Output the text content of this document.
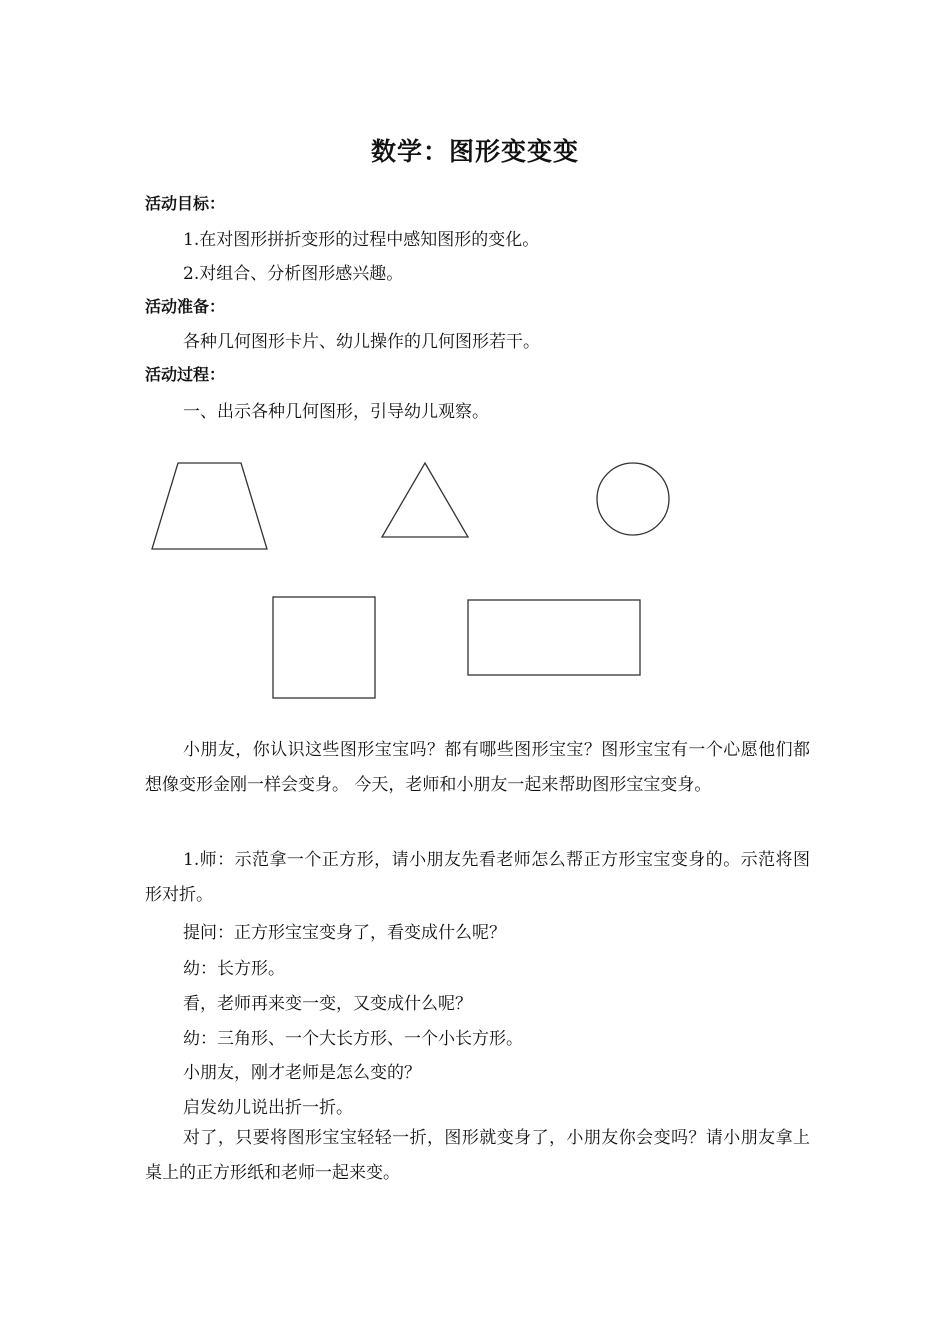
数学：图形变变变
活动目标：
1.在对图形拼折变形的过程中感知图形的变化。
2.对组合、分析图形感兴趣。
活动准备：
各种几何图形卡片、幼儿操作的几何图形若干。
活动过程：
一、出示各种几何图形，引导幼儿观察。
小朋友，你认识这些图形宝宝吗？都有哪些图形宝宝？图形宝宝有一个心愿他们都想像变形金刚一样会变身。 今天，老师和小朋友一起来帮助图形宝宝变身。
1.师：示范拿一个正方形，请小朋友先看老师怎么帮正方形宝宝变身的。示范将图形对折。
提问：正方形宝宝变身了，看变成什么呢？
幼：长方形。
看，老师再来变一变，又变成什么呢？
幼：三角形、一个大长方形、一个小长方形。
小朋友，刚才老师是怎么变的？
启发幼儿说出折一折。
对了，只要将图形宝宝轻轻一折，图形就变身了，小朋友你会变吗？请小朋友拿上桌上的正方形纸和老师一起来变。
